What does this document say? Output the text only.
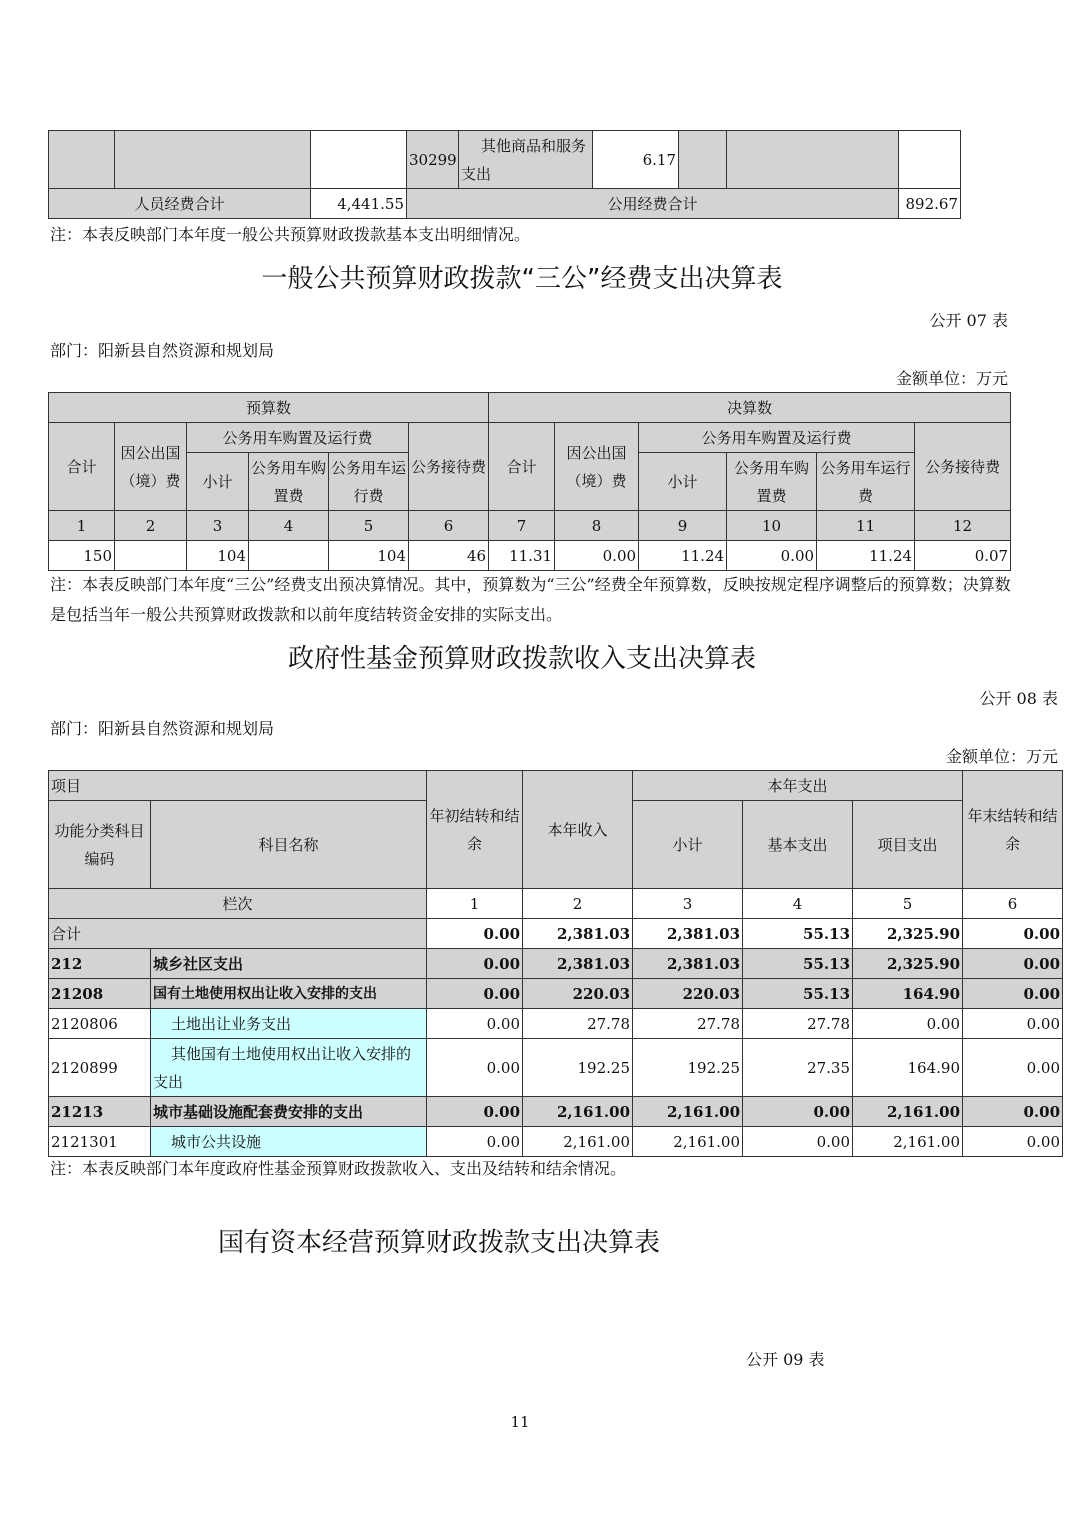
			30299	其他商品和服务支出	6.17			
人员经费合计		4,441.55	公用经费合计					892.67
注：本表反映部门本年度一般公共预算财政拨款基本支出明细情况。
一般公共预算财政拨款“三公”经费支出决算表
公开 07 表
部门：阳新县自然资源和规划局
金额单位：万元
预算数						决算数					
合计	因公出国（境）费	公务用车购置及运行费			公务接待费	合计	因公出国（境）费	公务用车购置及运行费			公务接待费
		小计	公务用车购置费	公务用车运行费				小计	公务用车购置费	公务用车运行费	
1	2	3	4	5	6	7	8	9	10	11	12
150		104		104	46	11.31	0.00	11.24	0.00	11.24	0.07
注：本表反映部门本年度“三公”经费支出预决算情况。其中，预算数为“三公”经费全年预算数，反映按规定程序调整后的预算数；决算数是包括当年一般公共预算财政拨款和以前年度结转资金安排的实际支出。
政府性基金预算财政拨款收入支出决算表
公开 08 表
部门：阳新县自然资源和规划局
金额单位：万元
项目		年初结转和结余	本年收入	本年支出			年末结转和结余
功能分类科目编码	科目名称			小计	基本支出	项目支出	
栏次		1	2	3	4	5	6
合计		0.00	2,381.03	2,381.03	55.13	2,325.90	0.00
212	城乡社区支出	0.00	2,381.03	2,381.03	55.13	2,325.90	0.00
21208	国有土地使用权出让收入安排的支出	0.00	220.03	220.03	55.13	164.90	0.00
2120806	土地出让业务支出	0.00	27.78	27.78	27.78	0.00	0.00
2120899	其他国有土地使用权出让收入安排的支出	0.00	192.25	192.25	27.35	164.90	0.00
21213	城市基础设施配套费安排的支出	0.00	2,161.00	2,161.00	0.00	2,161.00	0.00
2121301	城市公共设施	0.00	2,161.00	2,161.00	0.00	2,161.00	0.00
注：本表反映部门本年度政府性基金预算财政拨款收入、支出及结转和结余情况。
国有资本经营预算财政拨款支出决算表
公开 09 表
11
